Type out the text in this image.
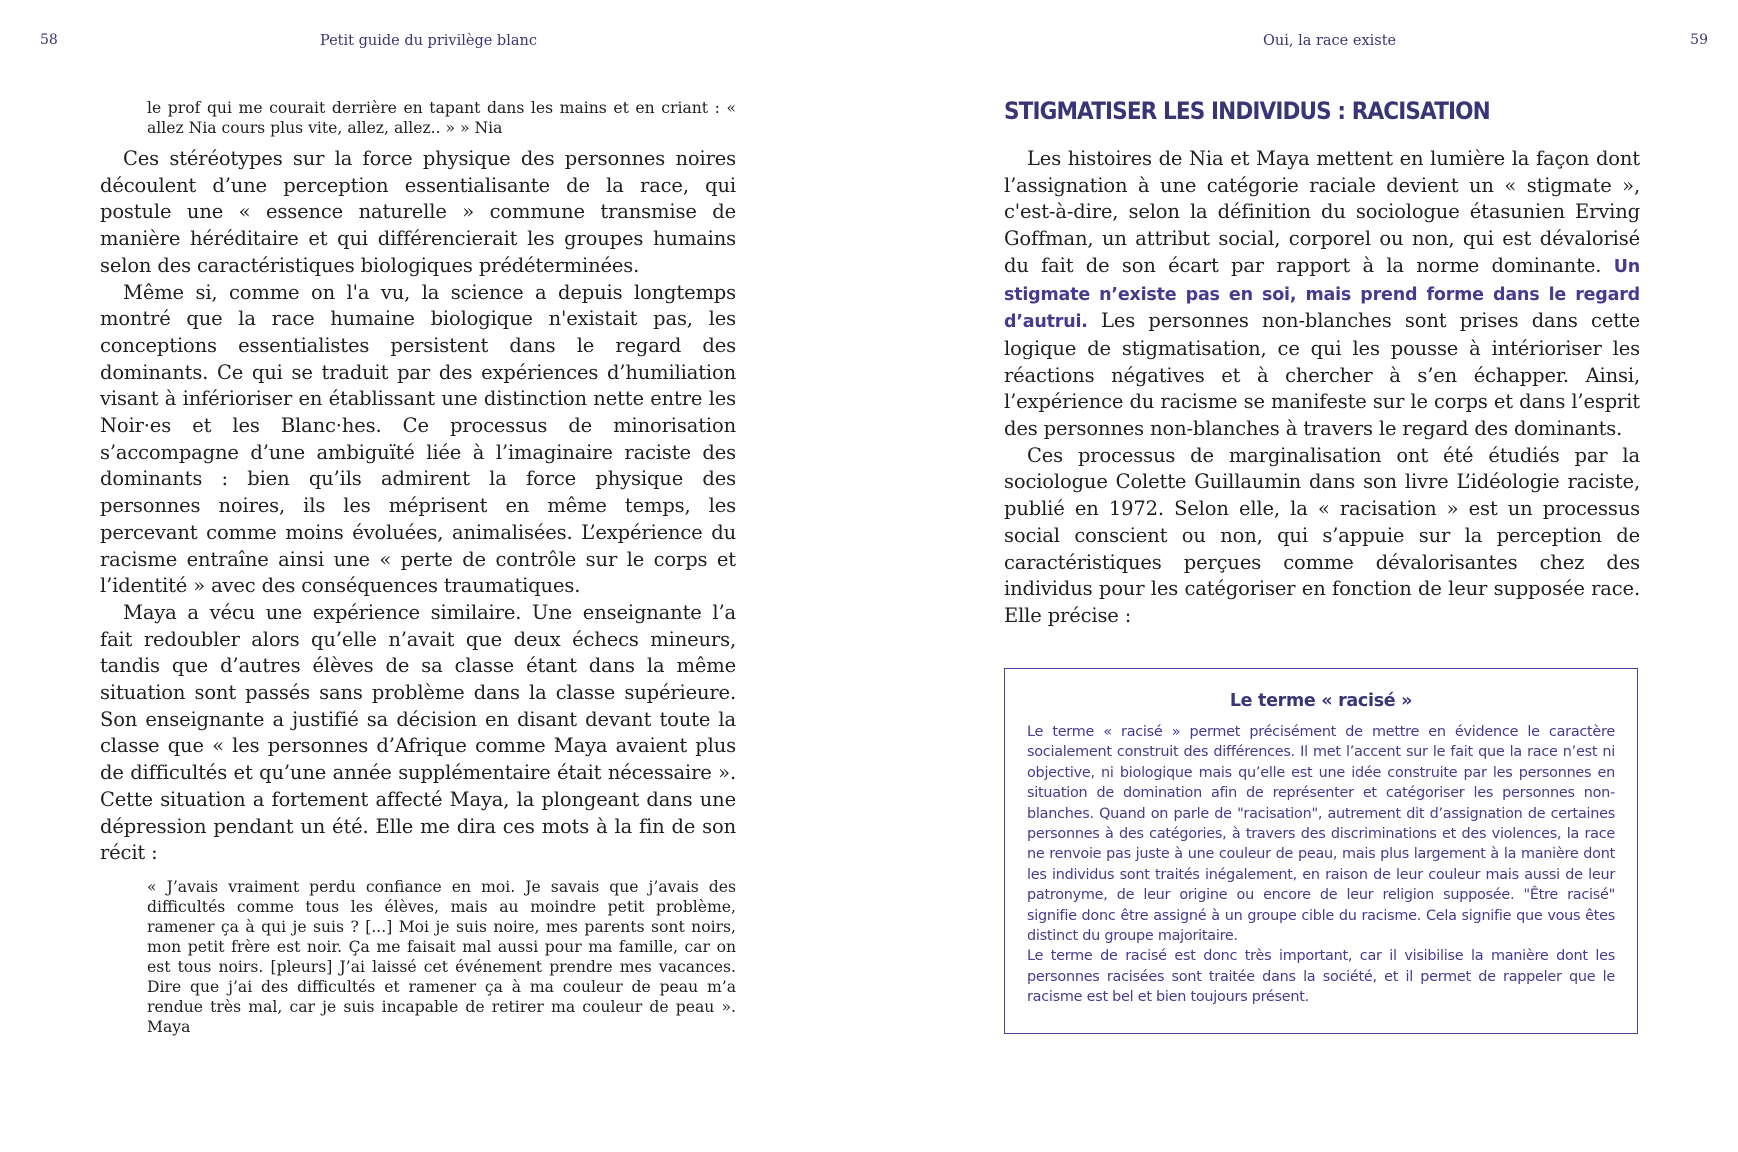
58	Petit guide du privilège blanc

le prof qui me courait derrière en tapant dans les mains et en criant : « allez Nia cours plus vite, allez, allez.. » » Nia

Ces stéréotypes sur la force physique des personnes noires découlent d’une perception essentialisante de la race, qui postule une « essence naturelle » commune transmise de manière héréditaire et qui différencierait les groupes humains selon des caractéristiques biologiques prédéterminées.

Même si, comme on l'a vu, la science a depuis longtemps montré que la race humaine biologique n'existait pas, les conceptions essentialistes persistent dans le regard des dominants. Ce qui se traduit par des expériences d’humiliation visant à inférioriser en établissant une distinction nette entre les Noir·es et les Blanc·hes. Ce processus de minorisation s’accompagne d’une ambiguïté liée à l’imaginaire raciste des dominants : bien qu’ils admirent la force physique des personnes noires, ils les méprisent en même temps, les percevant comme moins évoluées, animalisées. L’expérience du racisme entraîne ainsi une « perte de contrôle sur le corps et l’identité » avec des conséquences traumatiques.

Maya a vécu une expérience similaire. Une enseignante l’a fait redoubler alors qu’elle n’avait que deux échecs mineurs, tandis que d’autres élèves de sa classe étant dans la même situation sont passés sans problème dans la classe supérieure. Son enseignante a justifié sa décision en disant devant toute la classe que « les personnes d’Afrique comme Maya avaient plus de difficultés et qu’une année supplémentaire était nécessaire ». Cette situation a fortement affecté Maya, la plongeant dans une dépression pendant un été. Elle me dira ces mots à la fin de son récit :

« J’avais vraiment perdu confiance en moi. Je savais que j’avais des difficultés comme tous les élèves, mais au moindre petit problème, ramener ça à qui je suis ? [...] Moi je suis noire, mes parents sont noirs, mon petit frère est noir. Ça me faisait mal aussi pour ma famille, car on est tous noirs. [pleurs] J’ai laissé cet événement prendre mes vacances. Dire que j’ai des difficultés et ramener ça à ma couleur de peau m’a rendue très mal, car je suis incapable de retirer ma couleur de peau ». Maya

59
Oui, la race existe
STIGMATISER LES INDIVIDUS : RACISATION

Les histoires de Nia et Maya mettent en lumière la façon dont l’assignation à une catégorie raciale devient un « stigmate », c'est-à-dire, selon la définition du sociologue étasunien Erving Goffman, un attribut social, corporel ou non, qui est dévalorisé du fait de son écart par rapport à la norme dominante. Un stigmate n’existe pas en soi, mais prend forme dans le regard d’autrui. Les personnes non-blanches sont prises dans cette logique de stigmatisation, ce qui les pousse à intérioriser les réactions négatives et à chercher à s’en échapper. Ainsi, l’expérience du racisme se manifeste sur le corps et dans l’esprit des personnes non-blanches à travers le regard des dominants.

Ces processus de marginalisation ont été étudiés par la sociologue Colette Guillaumin dans son livre L’idéologie raciste, publié en 1972. Selon elle, la « racisation » est un processus social conscient ou non, qui s’appuie sur la perception de caractéristiques perçues comme dévalorisantes chez des individus pour les catégoriser en fonction de leur supposée race. Elle précise :

Le terme « racisé »

Le terme « racisé » permet précisément de mettre en évidence le caractère socialement construit des différences. Il met l’accent sur le fait que la race n’est ni objective, ni biologique mais qu’elle est une idée construite par les personnes en situation de domination afin de représenter et catégoriser les personnes non-blanches. Quand on parle de "racisation", autrement dit d’assignation de certaines personnes à des catégories, à travers des discriminations et des violences, la race ne renvoie pas juste à une couleur de peau, mais plus largement à la manière dont les individus sont traités inégalement, en raison de leur couleur mais aussi de leur patronyme, de leur origine ou encore de leur religion supposée. "Être racisé" signifie donc être assigné à un groupe cible du racisme. Cela signifie que vous êtes distinct du groupe majoritaire.

Le terme de racisé est donc très important, car il visibilise la manière dont les personnes racisées sont traitée dans la société, et il permet de rappeler que le racisme est bel et bien toujours présent.
